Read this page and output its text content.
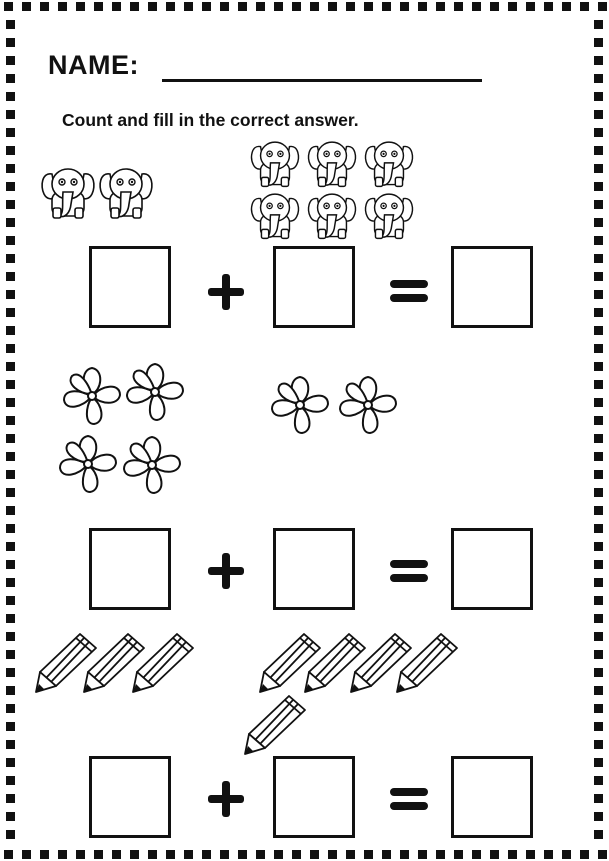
NAME:
Count and fill in the correct answer.
